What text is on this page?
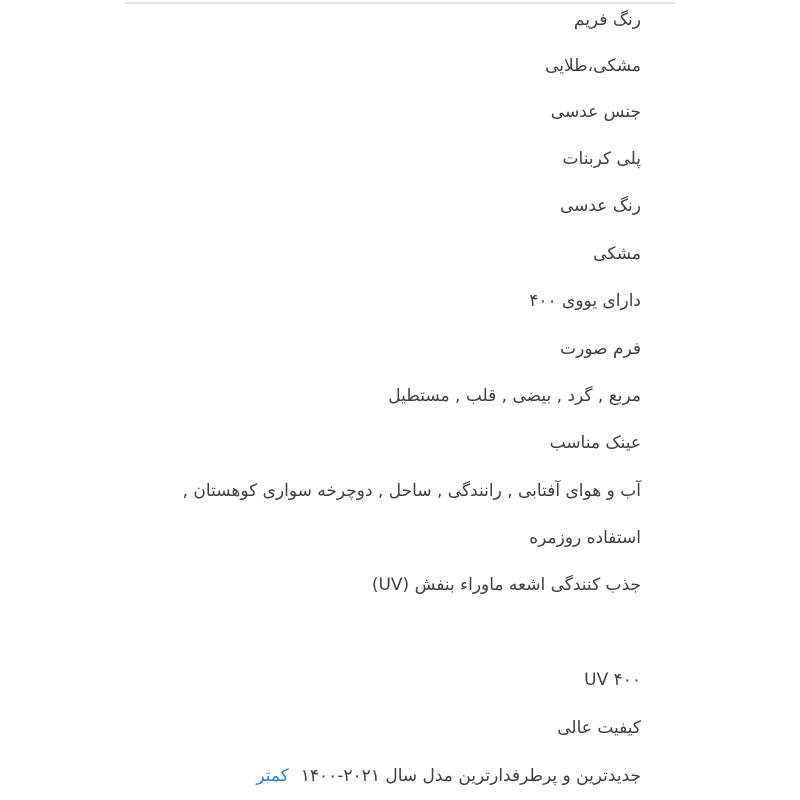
رنگ فریم
مشکی،طلایی
جنس عدسی
پلی کربنات
رنگ عدسی
مشکی
دارای یووی ۴۰۰
فرم صورت
مربع , گرد , بیضی , قلب , مستطیل
عینک مناسب
آب و هوای آفتابی , رانندگی , ساحل , دوچرخه سواری کوهستان ,
استفاده روزمره
جذب کنندگی اشعه ماوراء بنفش (UV)
UV ۴۰۰
کیفیت عالی
جدیدترین و پرطرفدارترین مدل سال ۲۰۲۱-۱۴۰۰کمتر
